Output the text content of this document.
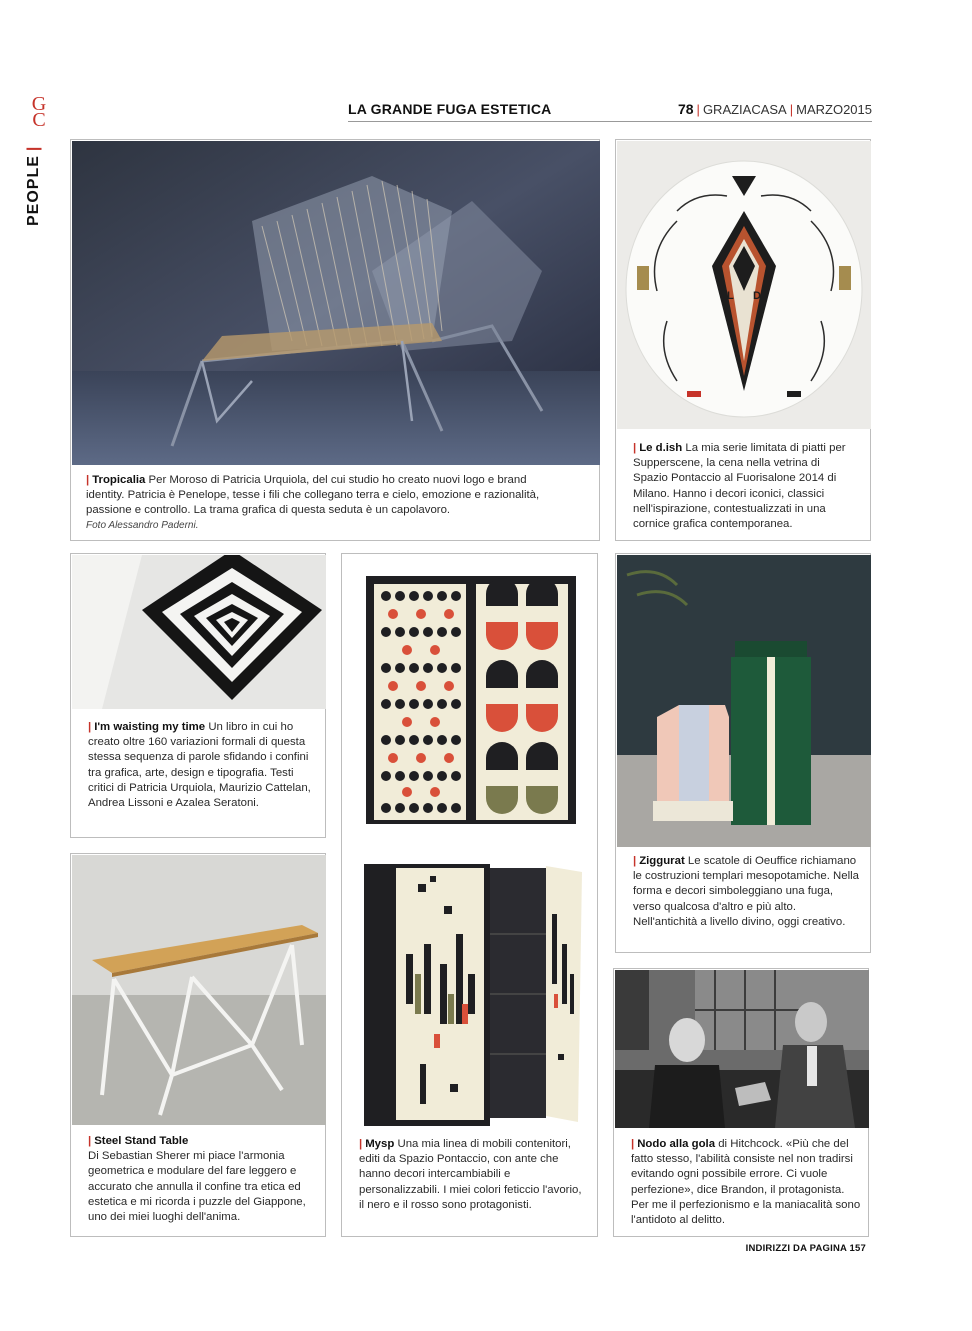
G
C
PEOPLE|
LA GRANDE FUGA ESTETICA	78 | GRAZIACASA | MARZO2015
| Tropicalia Per Moroso di Patricia Urquiola, del cui studio ho creato nuovi logo e brand identity. Patricia è Penelope, tesse i fili che collegano terra e cielo, emozione e razionalità, passione e controllo. La trama grafica di questa seduta è un capolavoro.
Foto Alessandro Paderni.
L D
| Le d.ish La mia serie limitata di piatti per Supperscene, la cena nella vetrina di Spazio Pontaccio al Fuorisalone 2014 di Milano. Hanno i decori iconici, classici nell'ispirazione, contestualizzati in una cornice grafica contemporanea.
| I'm waisting my time Un libro in cui ho creato oltre 160 variazioni formali di questa stessa sequenza di parole sfidando i confini tra grafica, arte, design e tipografia. Testi critici di Patricia Urquiola, Maurizio Cattelan, Andrea Lissoni e Azalea Seratoni.
| Mysp Una mia linea di mobili contenitori, editi da Spazio Pontaccio, con ante che hanno decori intercambiabili e personalizzabili. I miei colori feticcio l'avorio, il nero e il rosso sono protagonisti.
| Ziggurat Le scatole di Oeuffice richiamano le costruzioni templari mesopotamiche. Nella forma e decori simboleggiano una fuga, verso qualcosa d'altro e più alto. Nell'antichità a livello divino, oggi creativo.
| Steel Stand Table
Di Sebastian Sherer mi piace l'armonia geometrica e modulare del fare leggero e accurato che annulla il confine tra etica ed estetica e mi ricorda i puzzle del Giappone, uno dei miei luoghi dell'anima.
| Nodo alla gola di Hitchcock. «Più che del fatto stesso, l'abilità consiste nel non tradirsi evitando ogni possibile errore. Ci vuole perfezione», dice Brandon, il protagonista. Per me il perfezionismo e la maniacalità sono l'antidoto al delitto.
INDIRIZZI DA PAGINA 157
